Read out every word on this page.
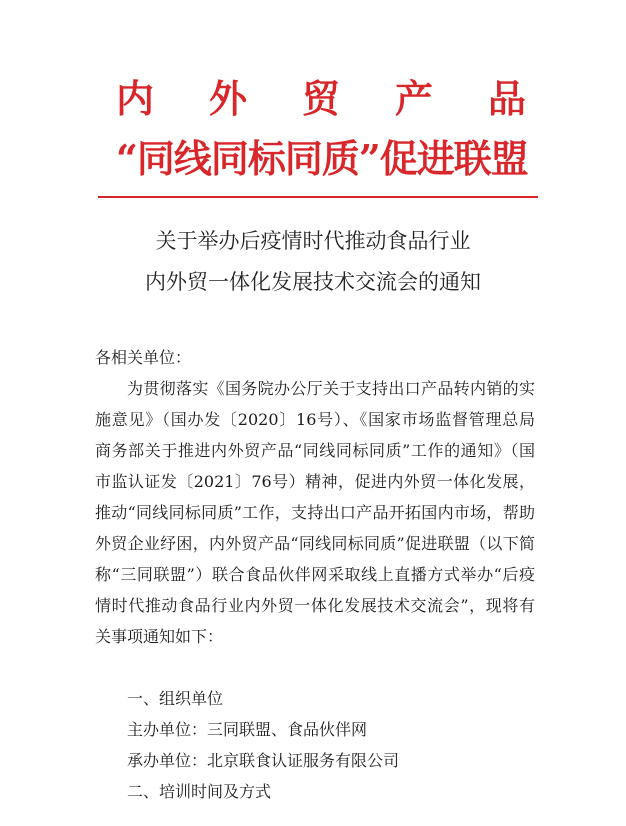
内 外 贸 产 品
“同线同标同质”促进联盟
关于举办后疫情时代推动食品行业
内外贸一体化发展技术交流会的通知
各相关单位：
为贯彻落实《国务院办公厅关于支持出口产品转内销的实施意见》（国办发〔2020〕16号）、《国家市场监督管理总局 商务部关于推进内外贸产品“同线同标同质”工作的通知》（国市监认证发〔2021〕76号）精神，促进内外贸一体化发展，推动“同线同标同质”工作，支持出口产品开拓国内市场，帮助外贸企业纾困，内外贸产品“同线同标同质”促进联盟（以下简称“三同联盟”）联合食品伙伴网采取线上直播方式举办“后疫情时代推动食品行业内外贸一体化发展技术交流会”，现将有关事项通知如下：
一、组织单位
主办单位：三同联盟、食品伙伴网
承办单位：北京联食认证服务有限公司
二、培训时间及方式
